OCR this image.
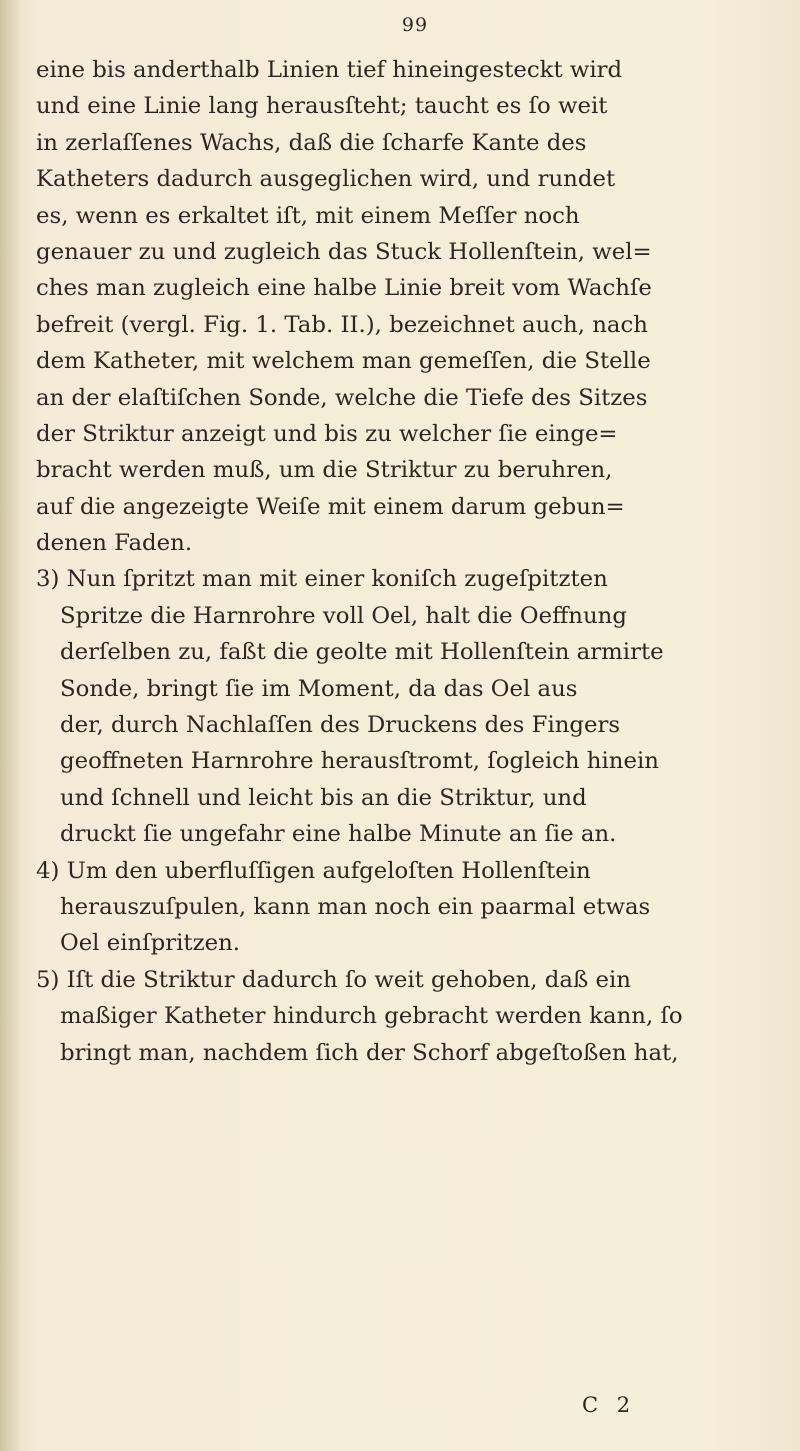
99
eine bis anderthalb Linien tief hineingesteckt wird
und eine Linie lang herausſteht; taucht es ſo weit
in zerlaſſenes Wachs, daß die ſcharfe Kante des
Katheters dadurch ausgeglichen wird, und rundet
es, wenn es erkaltet iſt, mit einem Meſſer noch
genauer zu und zugleich das Stuck Hollenſtein, wel=
ches man zugleich eine halbe Linie breit vom Wachſe
befreit (vergl. Fig. 1. Tab. II.), bezeichnet auch, nach
dem Katheter, mit welchem man gemeſſen, die Stelle
an der elaſtiſchen Sonde, welche die Tiefe des Sitzes
der Striktur anzeigt und bis zu welcher ſie einge=
bracht werden muß, um die Striktur zu beruhren,
auf die angezeigte Weiſe mit einem darum gebun=
denen Faden.
3) Nun ſpritzt man mit einer koniſch zugeſpitzten
Spritze die Harnrohre voll Oel, halt die Oeffnung
derſelben zu, faßt die geolte mit Hollenſtein armirte
Sonde, bringt ſie im Moment, da das Oel aus
der, durch Nachlaſſen des Druckens des Fingers
geoffneten Harnrohre herausſtromt, ſogleich hinein
und ſchnell und leicht bis an die Striktur, und
druckt ſie ungefahr eine halbe Minute an ſie an.
4) Um den uberfluſſigen aufgeloſten Hollenſtein
herauszuſpulen, kann man noch ein paarmal etwas
Oel einſpritzen.
5) Iſt die Striktur dadurch ſo weit gehoben, daß ein
maßiger Katheter hindurch gebracht werden kann, ſo
bringt man, nachdem ſich der Schorf abgeſtoßen hat,
C 2
